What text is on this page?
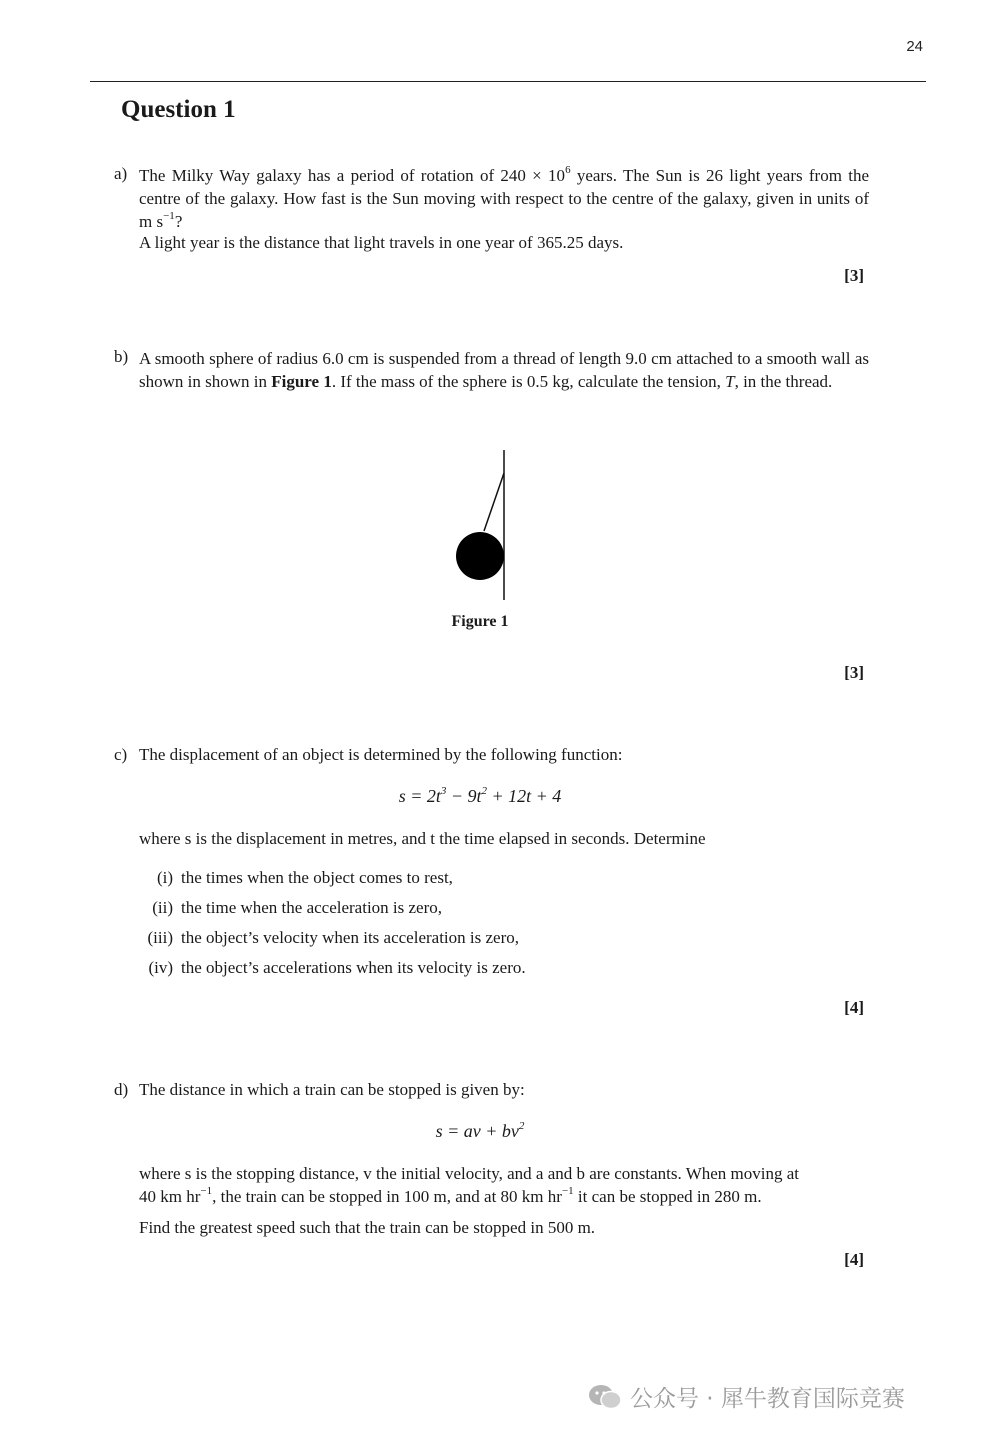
24
Question 1
a) The Milky Way galaxy has a period of rotation of $240 \times 10^6$ years. The Sun is 26 light years from the centre of the galaxy. How fast is the Sun moving with respect to the centre of the galaxy, given in units of m $s^{-1}$?
A light year is the distance that light travels in one year of 365.25 days.
[3]
b) A smooth sphere of radius 6.0 cm is suspended from a thread of length 9.0 cm attached to a smooth wall as shown in shown in Figure 1. If the mass of the sphere is 0.5 kg, calculate the tension, T, in the thread.
Figure 1
[3]
c) The displacement of an object is determined by the following function:
$s = 2t^3 - 9t^2 + 12t + 4$
where s is the displacement in metres, and t the time elapsed in seconds. Determine
(i) the times when the object comes to rest,
(ii) the time when the acceleration is zero,
(iii) the object’s velocity when its acceleration is zero,
(iv) the object’s accelerations when its velocity is zero.
[4]
d) The distance in which a train can be stopped is given by:
s = av + $bv^2$
where s is the stopping distance, v the initial velocity, and a and b are constants. When moving at
40 km $hr^{-1}$, the train can be stopped in 100 m, and at 80 km $hr^{-1}$ it can be stopped in 280 m.
Find the greatest speed such that the train can be stopped in 500 m.
[4]
公众号 · 犀牛教育国际竞赛
